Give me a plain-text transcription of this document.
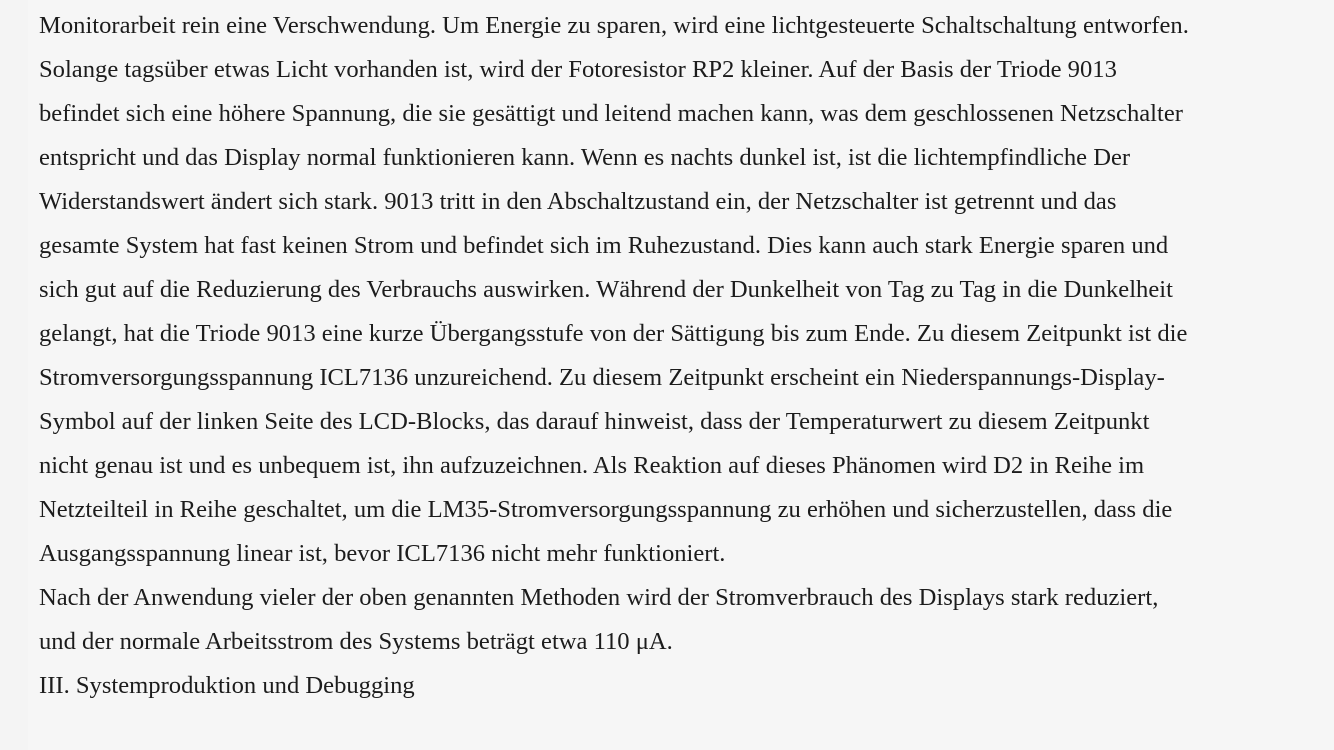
Monitorarbeit rein eine Verschwendung. Um Energie zu sparen, wird eine lichtgesteuerte Schaltschaltung entworfen.
Solange tagsüber etwas Licht vorhanden ist, wird der Fotoresistor RP2 kleiner. Auf der Basis der Triode 9013
befindet sich eine höhere Spannung, die sie gesättigt und leitend machen kann, was dem geschlossenen Netzschalter
entspricht und das Display normal funktionieren kann. Wenn es nachts dunkel ist, ist die lichtempfindliche Der
Widerstandswert ändert sich stark. 9013 tritt in den Abschaltzustand ein, der Netzschalter ist getrennt und das
gesamte System hat fast keinen Strom und befindet sich im Ruhezustand. Dies kann auch stark Energie sparen und
sich gut auf die Reduzierung des Verbrauchs auswirken. Während der Dunkelheit von Tag zu Tag in die Dunkelheit
gelangt, hat die Triode 9013 eine kurze Übergangsstufe von der Sättigung bis zum Ende. Zu diesem Zeitpunkt ist die
Stromversorgungsspannung ICL7136 unzureichend. Zu diesem Zeitpunkt erscheint ein Niederspannungs-Display-
Symbol auf der linken Seite des LCD-Blocks, das darauf hinweist, dass der Temperaturwert zu diesem Zeitpunkt
nicht genau ist und es unbequem ist, ihn aufzuzeichnen. Als Reaktion auf dieses Phänomen wird D2 in Reihe im
Netzteilteil in Reihe geschaltet, um die LM35-Stromversorgungsspannung zu erhöhen und sicherzustellen, dass die
Ausgangsspannung linear ist, bevor ICL7136 nicht mehr funktioniert.
Nach der Anwendung vieler der oben genannten Methoden wird der Stromverbrauch des Displays stark reduziert,
und der normale Arbeitsstrom des Systems beträgt etwa 110 μA.
III. Systemproduktion und Debugging
